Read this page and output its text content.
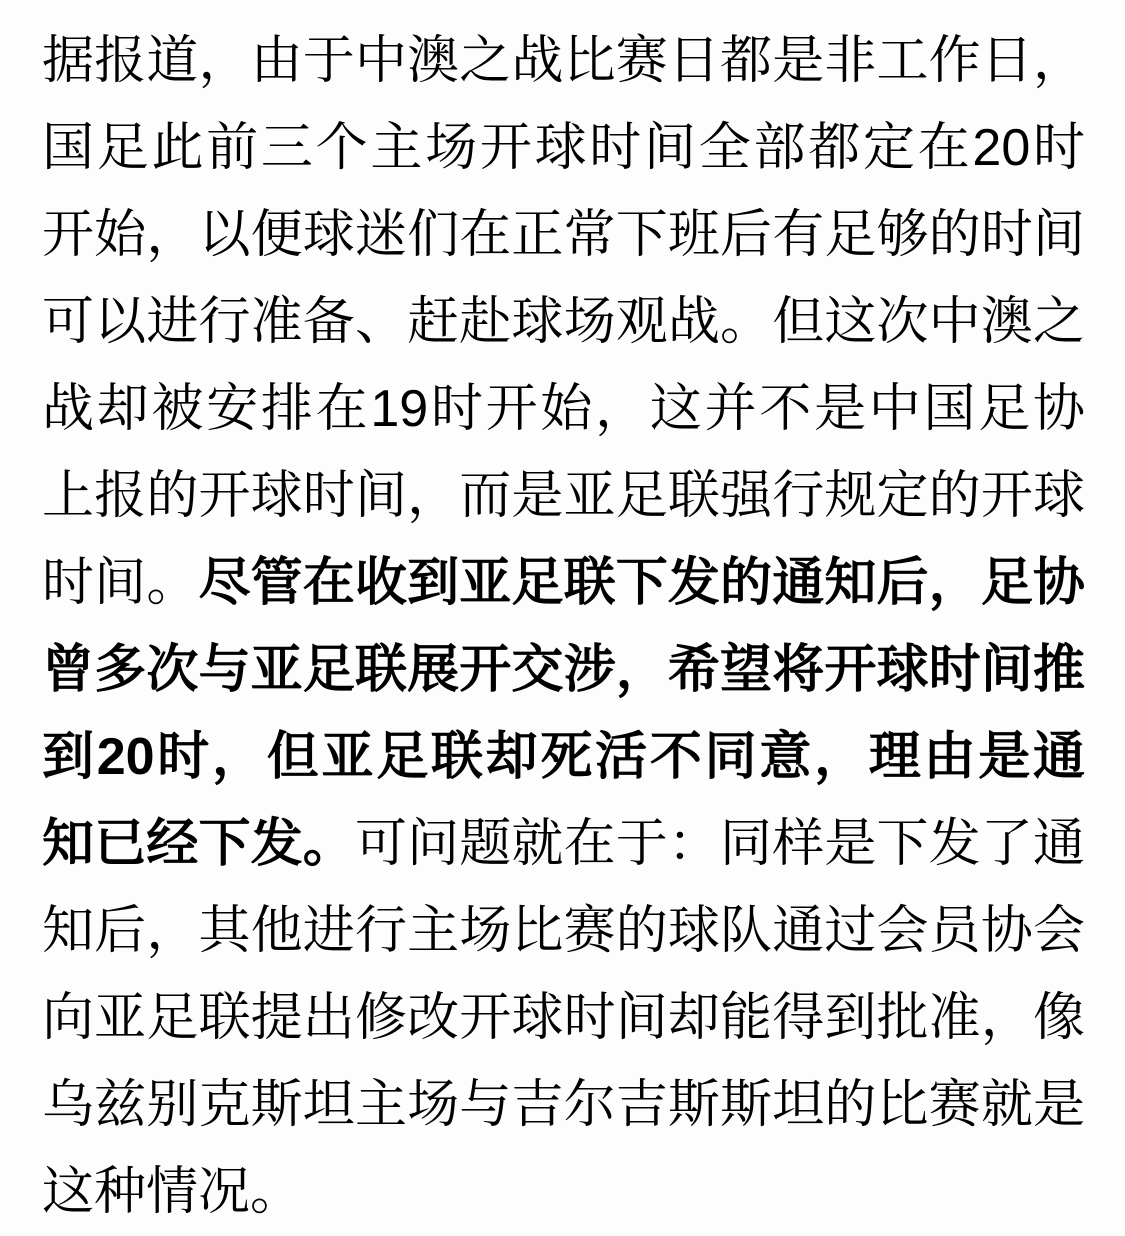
据报道，由于中澳之战比赛日都是非工作日，国足此前三个主场开球时间全部都定在20时开始，以便球迷们在正常下班后有足够的时间可以进行准备、赶赴球场观战。但这次中澳之战却被安排在19时开始，这并不是中国足协上报的开球时间，而是亚足联强行规定的开球时间。尽管在收到亚足联下发的通知后，足协曾多次与亚足联展开交涉，希望将开球时间推到20时，但亚足联却死活不同意，理由是通知已经下发。可问题就在于：同样是下发了通知后，其他进行主场比赛的球队通过会员协会向亚足联提出修改开球时间却能得到批准，像乌兹别克斯坦主场与吉尔吉斯斯坦的比赛就是这种情况。
